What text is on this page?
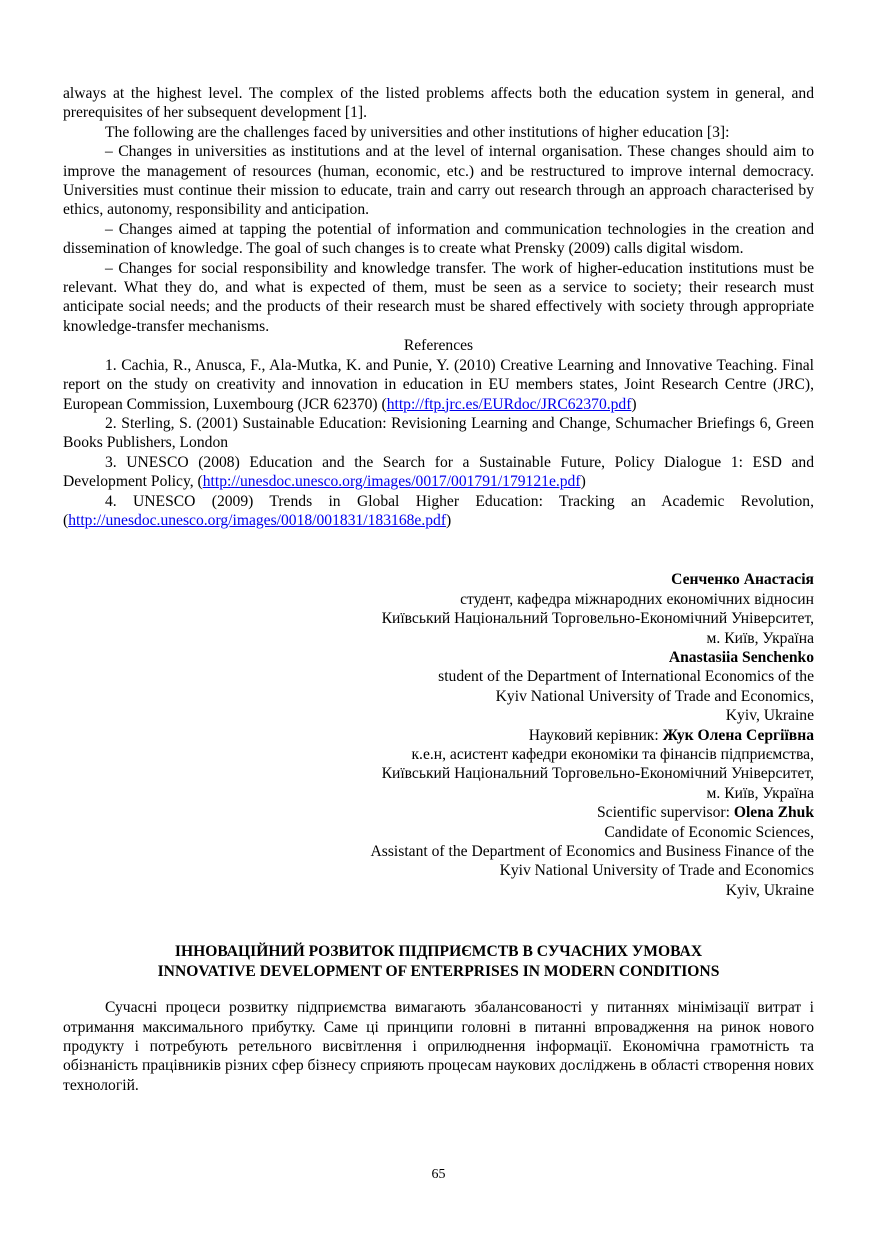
always at the highest level. The complex of the listed problems affects both the education system in general, and prerequisites of her subsequent development [1].

The following are the challenges faced by universities and other institutions of higher education [3]:

– Changes in universities as institutions and at the level of internal organisation. These changes should aim to improve the management of resources (human, economic, etc.) and be restructured to improve internal democracy. Universities must continue their mission to educate, train and carry out research through an approach characterised by ethics, autonomy, responsibility and anticipation.

– Changes aimed at tapping the potential of information and communication technologies in the creation and dissemination of knowledge. The goal of such changes is to create what Prensky (2009) calls digital wisdom.

– Changes for social responsibility and knowledge transfer. The work of higher-education institutions must be relevant. What they do, and what is expected of them, must be seen as a service to society; their research must anticipate social needs; and the products of their research must be shared effectively with society through appropriate knowledge-transfer mechanisms.

References

1. Cachia, R., Anusca, F., Ala-Mutka, K. and Punie, Y. (2010) Creative Learning and Innovative Teaching. Final report on the study on creativity and innovation in education in EU members states, Joint Research Centre (JRC), European Commission, Luxembourg (JCR 62370) (http://ftp.jrc.es/EURdoc/JRC62370.pdf)

2. Sterling, S. (2001) Sustainable Education: Revisioning Learning and Change, Schumacher Briefings 6, Green Books Publishers, London

3. UNESCO (2008) Education and the Search for a Sustainable Future, Policy Dialogue 1: ESD and Development Policy, (http://unesdoc.unesco.org/images/0017/001791/179121e.pdf)

4. UNESCO (2009) Trends in Global Higher Education: Tracking an Academic Revolution, (http://unesdoc.unesco.org/images/0018/001831/183168e.pdf)

Сенченко Анастасія

студент, кафедра міжнародних економічних відносин

Київський Національний Торговельно-Економічний Університет,

м. Київ, Україна

Anastasiia Senchenko

student of the Department of International Economics of the

Kyiv National University of Trade and Economics,

Kyiv, Ukraine

Науковий керівник: Жук Олена Сергіївна

к.е.н, асистент кафедри економіки та фінансів підприємства,

Київський Національний Торговельно-Економічний Університет,

м. Київ, Україна

Scientific supervisor: Olena Zhuk

Candidate of Economic Sciences,

Assistant of the Department of Economics and Business Finance of the

Kyiv National University of Trade and Economics

Kyiv, Ukraine

ІННОВАЦІЙНИЙ РОЗВИТОК ПІДПРИЄМСТВ В СУЧАСНИХ УМОВАХ
INNOVATIVE DEVELOPMENT OF ENTERPRISES IN MODERN CONDITIONS

Сучасні процеси розвитку підприємства вимагають збалансованості у питаннях мінімізації витрат і отримання максимального прибутку. Саме ці принципи головні в питанні впровадження на ринок нового продукту і потребують ретельного висвітлення і оприлюднення інформації. Економічна грамотність та обізнаність працівників різних сфер бізнесу сприяють процесам наукових досліджень в області створення нових технологій.

65
